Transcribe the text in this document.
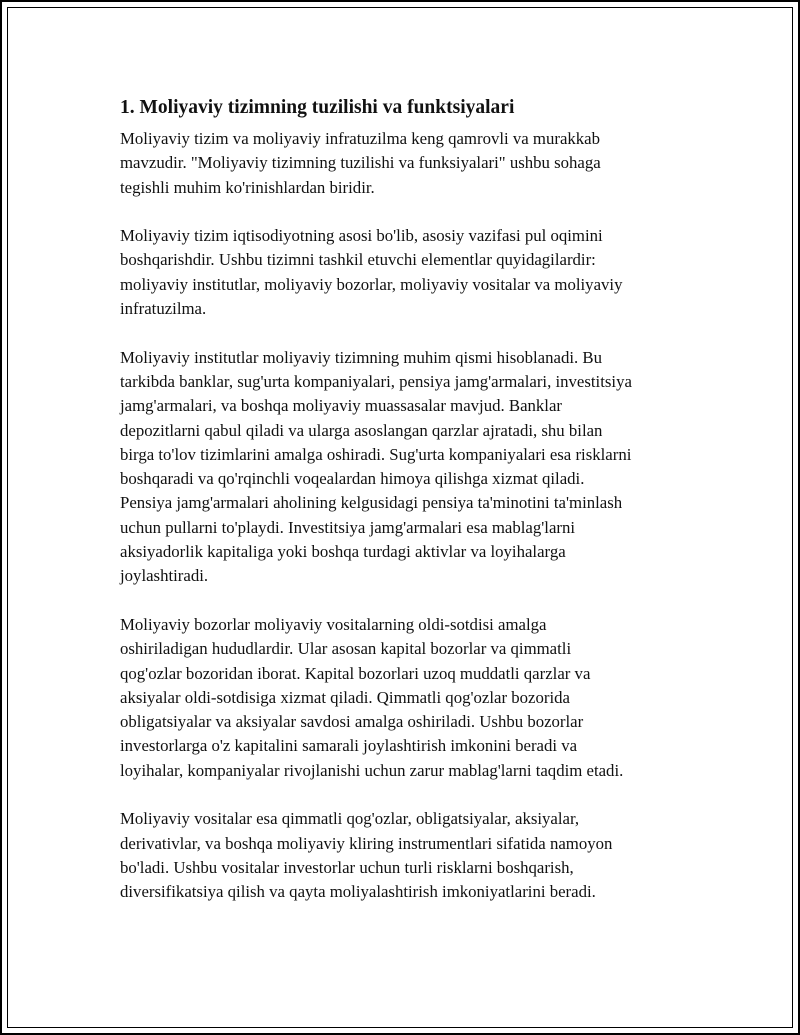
1. Moliyaviy tizimning tuzilishi va funktsiyalari

Moliyaviy tizim va moliyaviy infratuzilma keng qamrovli va murakkab
mavzudir. "Moliyaviy tizimning tuzilishi va funksiyalari" ushbu sohaga
tegishli muhim ko'rinishlardan biridir.

Moliyaviy tizim iqtisodiyotning asosi bo'lib, asosiy vazifasi pul oqimini
boshqarishdir. Ushbu tizimni tashkil etuvchi elementlar quyidagilardir:
moliyaviy institutlar, moliyaviy bozorlar, moliyaviy vositalar va moliyaviy
infratuzilma.

Moliyaviy institutlar moliyaviy tizimning muhim qismi hisoblanadi. Bu
tarkibda banklar, sug'urta kompaniyalari, pensiya jamg'armalari, investitsiya
jamg'armalari, va boshqa moliyaviy muassasalar mavjud. Banklar
depozitlarni qabul qiladi va ularga asoslangan qarzlar ajratadi, shu bilan
birga to'lov tizimlarini amalga oshiradi. Sug'urta kompaniyalari esa risklarni
boshqaradi va qo'rqinchli voqealardan himoya qilishga xizmat qiladi.
Pensiya jamg'armalari aholining kelgusidagi pensiya ta'minotini ta'minlash
uchun pullarni to'playdi. Investitsiya jamg'armalari esa mablag'larni
aksiyadorlik kapitaliga yoki boshqa turdagi aktivlar va loyihalarga
joylashtiradi.

Moliyaviy bozorlar moliyaviy vositalarning oldi-sotdisi amalga
oshiriladigan hududlardir. Ular asosan kapital bozorlar va qimmatli
qog'ozlar bozoridan iborat. Kapital bozorlari uzoq muddatli qarzlar va
aksiyalar oldi-sotdisiga xizmat qiladi. Qimmatli qog'ozlar bozorida
obligatsiyalar va aksiyalar savdosi amalga oshiriladi. Ushbu bozorlar
investorlarga o'z kapitalini samarali joylashtirish imkonini beradi va
loyihalar, kompaniyalar rivojlanishi uchun zarur mablag'larni taqdim etadi.

Moliyaviy vositalar esa qimmatli qog'ozlar, obligatsiyalar, aksiyalar,
derivativlar, va boshqa moliyaviy kliring instrumentlari sifatida namoyon
bo'ladi. Ushbu vositalar investorlar uchun turli risklarni boshqarish,
diversifikatsiya qilish va qayta moliyalashtirish imkoniyatlarini beradi.
